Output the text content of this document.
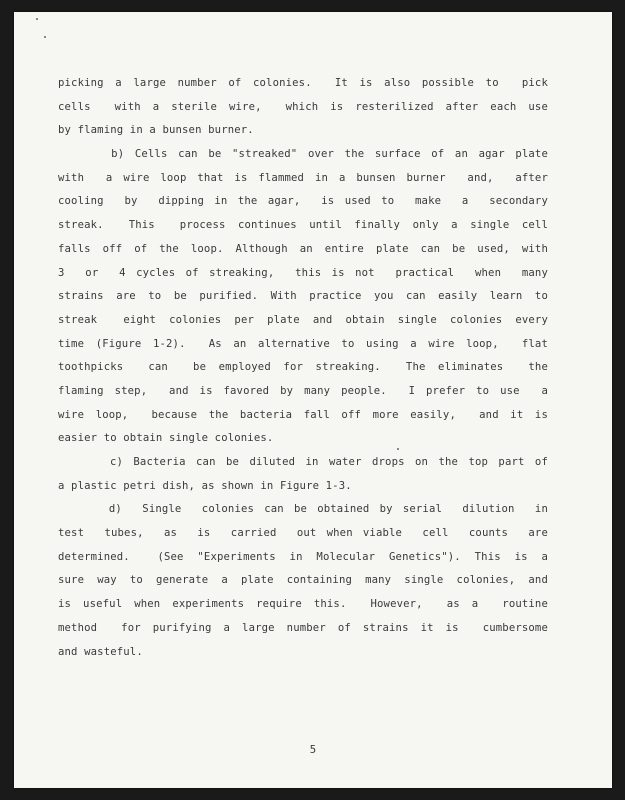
picking a large number of colonies.  It is also possible to  pick
cells  with a sterile wire,  which is resterilized after each use
by flaming in a bunsen burner.
b) Cells can be "streaked" over the surface of an agar plate
with  a wire loop that is flammed in a bunsen burner  and,  after
cooling  by  dipping in the agar,  is used to  make  a  secondary
streak.  This  process continues until finally only a single cell
falls off of the loop. Although an entire plate can be used, with
3  or  4 cycles of streaking,  this is not  practical  when  many
strains are to be purified. With practice you can easily learn to
streak  eight colonies per plate and obtain single colonies every
time (Figure 1-2).  As an alternative to using a wire loop,  flat
toothpicks  can  be employed for streaking.  The eliminates  the
flaming step,  and is favored by many people.  I prefer to use  a
wire loop,  because the bacteria fall off more easily,  and it is
easier to obtain single colonies.
c) Bacteria can be diluted in water drops on the top part of
a plastic petri dish, as shown in Figure 1-3.
d)  Single  colonies can be obtained by serial  dilution  in
test  tubes,  as  is  carried  out when viable  cell  counts  are
determined.  (See "Experiments in Molecular Genetics"). This is a
sure way to generate a plate containing many single colonies, and
is useful when experiments require this.  However,  as a  routine
method  for purifying a large number of strains it is  cumbersome
and wasteful.
5
